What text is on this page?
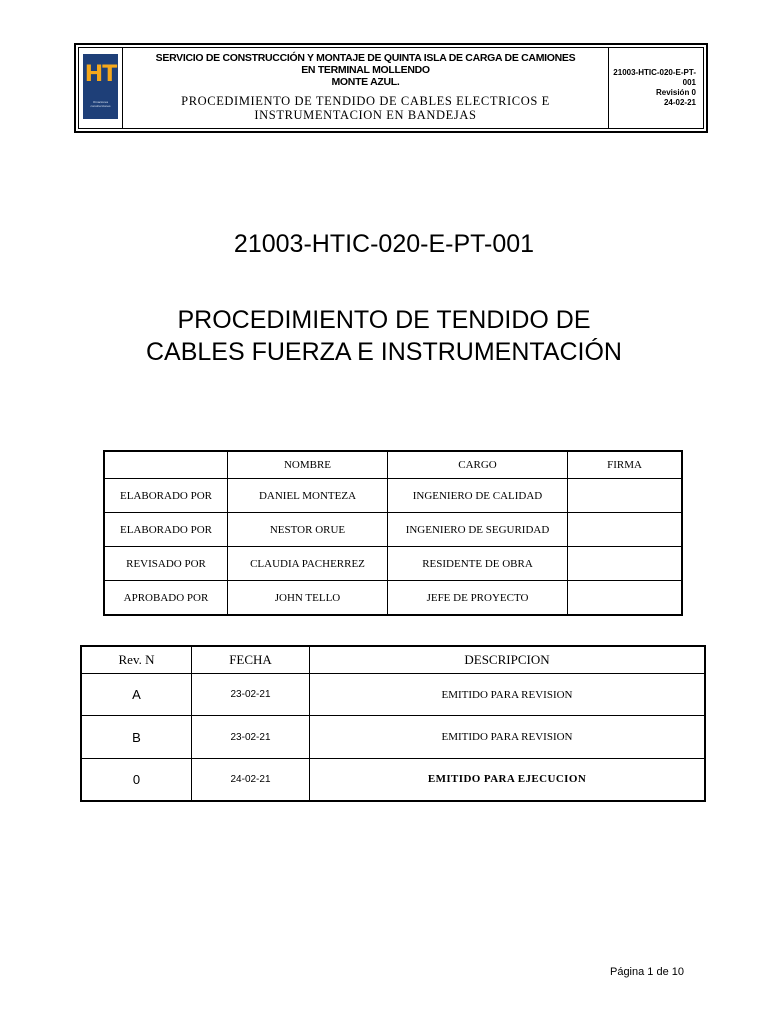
HT
Ornaciones construcciones
SERVICIO DE CONSTRUCCIÓN Y MONTAJE DE QUINTA ISLA DE CARGA DE CAMIONES
EN TERMINAL MOLLENDO
MONTE AZUL.
PROCEDIMIENTO DE TENDIDO DE CABLES ELECTRICOS E
INSTRUMENTACION EN BANDEJAS
21003-HTIC-020-E-PT-
001
Revisión 0
24-02-21
21003-HTIC-020-E-PT-001
PROCEDIMIENTO DE TENDIDO DE
CABLES FUERZA E INSTRUMENTACIÓN
	NOMBRE	CARGO	FIRMA
ELABORADO POR	DANIEL MONTEZA	INGENIERO DE CALIDAD	
ELABORADO POR	NESTOR ORUE	INGENIERO DE SEGURIDAD	
REVISADO POR	CLAUDIA PACHERREZ	RESIDENTE DE OBRA	
APROBADO POR	JOHN TELLO	JEFE DE PROYECTO	
Rev. N	FECHA	DESCRIPCION
A	23-02-21	EMITIDO PARA REVISION
B	23-02-21	EMITIDO PARA REVISION
0	24-02-21	EMITIDO PARA EJECUCION
Página 1 de 10
